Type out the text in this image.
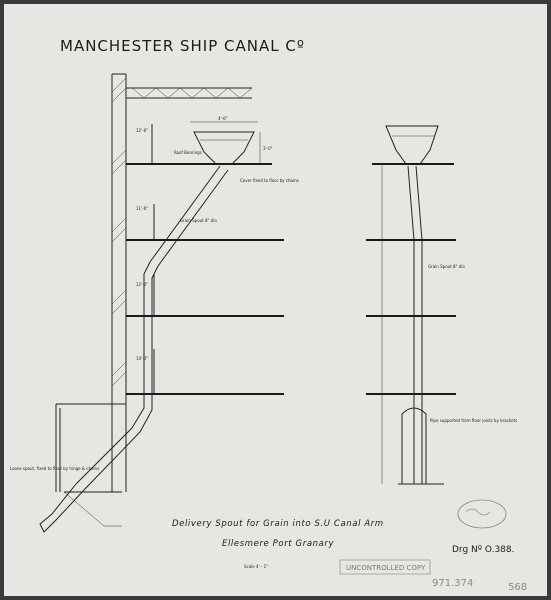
MANCHESTER SHIP CANAL Cº
4'-6"
3'-0"
Roof Bearings
Cover fixed to floor by chains
Grain Spout 8" dia
Loose spout, fixed to floor by hinge & chains
12'-6"
11'-6"
12'-0"
14'-0"
Grain Spout 8" dia
Pipe supported from floor joists by brackets
Delivery Spout for Grain into S.U Canal Arm
Ellesmere Port Granary
Scale 4' - 1"
Drg Nº O.388.
UNCONTROLLED COPY
971.374	568
